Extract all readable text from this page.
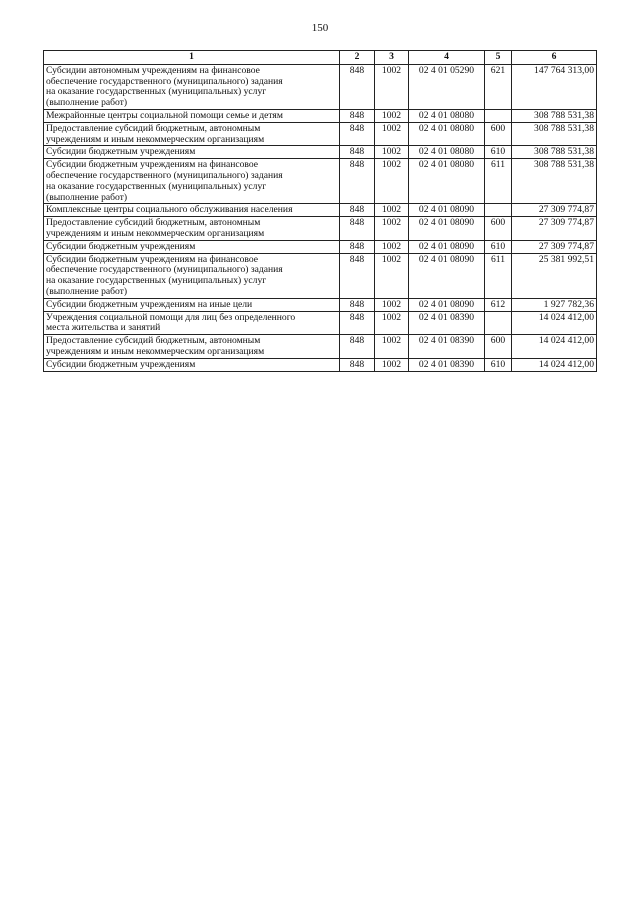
150
1	2	3	4	5	6
Субсидии автономным учреждениям на финансовое
обеспечение государственного (муниципального) задания
на оказание государственных (муниципальных) услуг
(выполнение работ)	848	1002	02 4 01 05290	621	147 764 313,00
Межрайонные центры социальной помощи семье и детям	848	1002	02 4 01 08080		308 788 531,38
Предоставление субсидий бюджетным, автономным
учреждениям и иным некоммерческим организациям	848	1002	02 4 01 08080	600	308 788 531,38
Субсидии бюджетным учреждениям	848	1002	02 4 01 08080	610	308 788 531,38
Субсидии бюджетным учреждениям на финансовое
обеспечение государственного (муниципального) задания
на оказание государственных (муниципальных) услуг
(выполнение работ)	848	1002	02 4 01 08080	611	308 788 531,38
Комплексные центры социального обслуживания населения	848	1002	02 4 01 08090		27 309 774,87
Предоставление субсидий бюджетным, автономным
учреждениям и иным некоммерческим организациям	848	1002	02 4 01 08090	600	27 309 774,87
Субсидии бюджетным учреждениям	848	1002	02 4 01 08090	610	27 309 774,87
Субсидии бюджетным учреждениям на финансовое
обеспечение государственного (муниципального) задания
на оказание государственных (муниципальных) услуг
(выполнение работ)	848	1002	02 4 01 08090	611	25 381 992,51
Субсидии бюджетным учреждениям на иные цели	848	1002	02 4 01 08090	612	1 927 782,36
Учреждения социальной помощи для лиц без определенного
места жительства и занятий	848	1002	02 4 01 08390		14 024 412,00
Предоставление субсидий бюджетным, автономным
учреждениям и иным некоммерческим организациям	848	1002	02 4 01 08390	600	14 024 412,00
Субсидии бюджетным учреждениям	848	1002	02 4 01 08390	610	14 024 412,00
